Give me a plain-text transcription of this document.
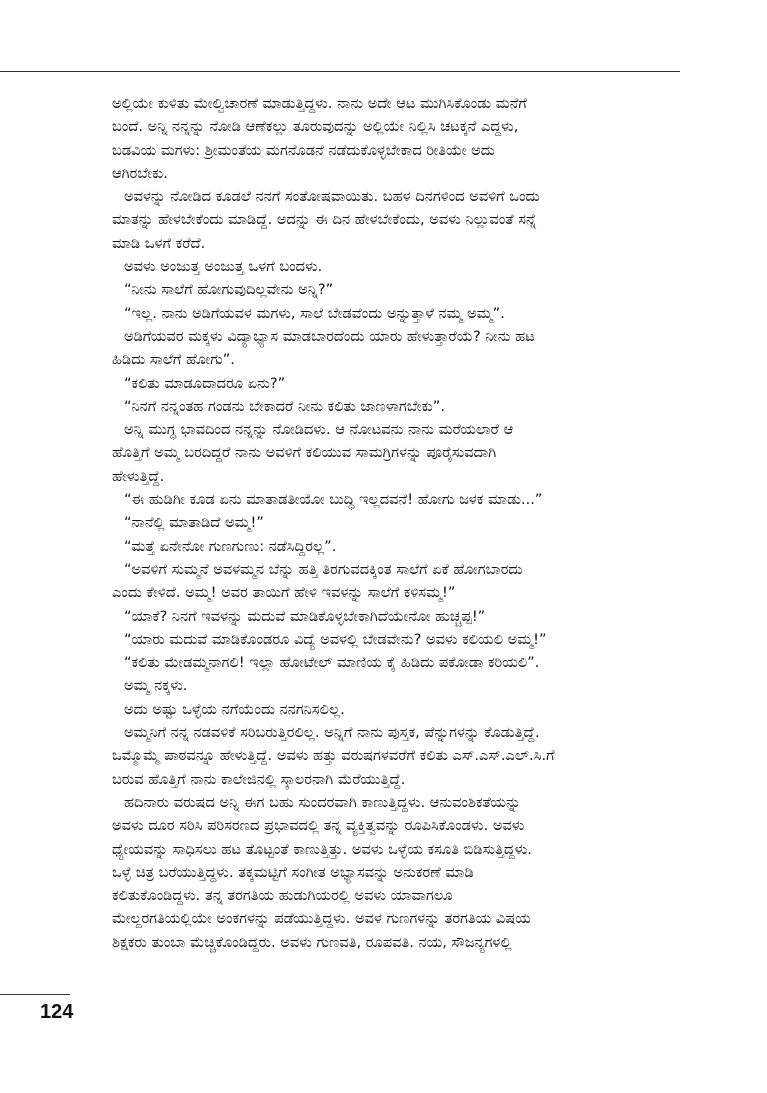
ಅಲ್ಲಿಯೇ ಕುಳಿತು ಮೇಲ್ವಿಚಾರಣೆ ಮಾಡುತ್ತಿದ್ದಳು. ನಾನು ಅದೇ ಆಟ ಮುಗಿಸಿಕೊಂಡು ಮನೆಗೆ
ಬಂದೆ. ಅನ್ನಿ ನನ್ನನ್ನು ನೋಡಿ ಆಣೆಕಲ್ಲು ತೂರುವುದನ್ನು ಅಲ್ಲಿಯೇ ನಿಲ್ಲಿಸಿ ಚಟಕ್ಕನೆ ಎದ್ದಳು,
ಬಡವಿಯ ಮಗಳು: ಶ್ರೀಮಂತೆಯ ಮಗನೊಡನೆ ನಡೆದುಕೊಳ್ಳಬೇಕಾದ ರೀತಿಯೇ ಅದು
ಆಗಿರಬೇಕು.
ಅವಳನ್ನು ನೋಡಿದ ಕೂಡಲೆ ನನಗೆ ಸಂತೋಷವಾಯಿತು. ಬಹಳ ದಿನಗಳಿಂದ ಅವಳಿಗೆ ಒಂದು
ಮಾತನ್ನು ಹೇಳಬೇಕೆಂದು ಮಾಡಿದ್ದೆ. ಅದನ್ನು ಈ ದಿನ ಹೇಳಬೇಕೆಂದು, ಅವಳು ನಿಲ್ಲುವಂತೆ ಸನ್ನೆ
ಮಾಡಿ ಒಳಗೆ ಕರೆದೆ.
ಅವಳು ಅಂಜುತ್ತ ಅಂಜುತ್ತ ಒಳಗೆ ಬಂದಳು.
“ನೀನು ಸಾಲೆಗೆ ಹೋಗುವುದಿಲ್ಲವೇನು ಅನ್ನಿ?”
“ಇಲ್ಲ. ನಾನು ಅಡಿಗೆಯವಳ ಮಗಳು, ಸಾಲೆ ಬೇಡವೆಂದು ಅನ್ನುತ್ತಾಳೆ ನಮ್ಮ ಅಮ್ಮ”.
ಅಡಿಗೆಯವರ ಮಕ್ಕಳು ವಿದ್ಯಾಭ್ಯಾಸ ಮಾಡಬಾರದೆಂದು ಯಾರು ಹೇಳುತ್ತಾರೆಯೆ? ನೀನು ಹಟ
ಹಿಡಿದು ಸಾಲೆಗೆ ಹೋಗು”.
“ಕಲಿತು ಮಾಡೂದಾದರೂ ಏನು?”
“ನಿನಗೆ ನನ್ನಂತಹ ಗಂಡನು ಬೇಕಾದರೆ ನೀನು ಕಲಿತು ಜಾಣಳಾಗಬೇಕು”.
ಅನ್ನಿ ಮುಗ್ಧ ಭಾವದಿಂದ ನನ್ನನ್ನು ನೋಡಿದಳು. ಆ ನೋಟವನು ನಾನು ಮರೆಯಲಾರೆ ಆ
ಹೊತ್ತಿಗೆ ಅಮ್ಮ ಬರದಿದ್ದರೆ ನಾನು ಅವಳಿಗೆ ಕಲಿಯುವ ಸಾಮಗ್ರಿಗಳನ್ನು ಪೂರೈಸುವದಾಗಿ
ಹೇಳುತ್ತಿದ್ದೆ.
“ಈ ಹುಡಿಗೀ ಕೂಡ ಏನು ಮಾತಾಡತೀಯೋ ಬುದ್ಧಿ ಇಲ್ಲದವನೆ! ಹೋಗು ಜಳಕ ಮಾಡು...”
“ನಾನೆಲ್ಲಿ ಮಾತಾಡಿದೆ ಅಮ್ಮ!”
“ಮತ್ತೆ ಏನೇನೋ ಗುಣಗುಣು: ನಡೆಸಿದ್ದಿರಲ್ಲ”.
“ಅವಳಿಗೆ ಸುಮ್ಮನೆ ಅವಳಮ್ಮನ ಬೆನ್ನು ಹತ್ತಿ ತಿರಗುವದಕ್ಕಿಂತ ಸಾಲೆಗೆ ಏಕೆ ಹೋಗಬಾರದು
ಎಂದು ಕೇಳಿದೆ. ಅಮ್ಮ! ಅವರ ತಾಯಿಗೆ ಹೇಳಿ ಇವಳನ್ನು ಸಾಲೆಗೆ ಕಳಿಸಮ್ಮ!”
“ಯಾಕೆ? ನಿನಗೆ ಇವಳನ್ನು ಮದುವೆ ಮಾಡಿಕೊಳ್ಳಬೇಕಾಗಿದೆಯೇನೋ ಹುಚ್ಚಪ್ಪ!”
“ಯಾರು ಮದುವೆ ಮಾಡಿಕೊಂಡರೂ ವಿದ್ಯೆ ಅವಳಲ್ಲಿ ಬೇಡವೇನು? ಅವಳು ಕಲಿಯಲಿ ಅಮ್ಮ!”
“ಕಲಿತು ಮೇಡಮ್ಮನಾಗಲಿ! ಇಲ್ಲಾ ಹೋಟೇಲ್ ಮಾಣಿಯ ಕೈ ಹಿಡಿದು ಪಕೋಡಾ ಕರಿಯಲಿ”.
ಅಮ್ಮ ನಕ್ಕಳು.
ಅದು ಅಷ್ಟು ಒಳ್ಳೆಯ ನಗೆಯೆಂದು ನನಗನಿಸಲಿಲ್ಲ.
ಅಮ್ಮನಿಗೆ ನನ್ನ ನಡವಳಿಕೆ ಸರಿಬರುತ್ತಿರಲಿಲ್ಲ. ಅನ್ನಿಗೆ ನಾನು ಪುಸ್ತಕ, ಪೆನ್ನುಗಳನ್ನು ಕೊಡುತ್ತಿದ್ದೆ.
ಒಮ್ಮೊಮ್ಮೆ ಪಾಠವನ್ನೂ ಹೇಳುತ್ತಿದ್ದೆ. ಅವಳು ಹತ್ತು ವರುಷಗಳವರೆಗೆ ಕಲಿತು ಎಸ್.ಎಸ್.ಎಲ್.ಸಿ.ಗೆ
ಬರುವ ಹೊತ್ತಿಗೆ ನಾನು ಕಾಲೇಜಿನಲ್ಲಿ ಸ್ಕಾಲರನಾಗಿ ಮೆರೆಯುತ್ತಿದ್ದೆ.
ಹದಿನಾರು ವರುಷದ ಅನ್ನಿ ಈಗ ಬಹು ಸುಂದರವಾಗಿ ಕಾಣುತ್ತಿದ್ದಳು. ಆನುವಂಶಿಕತೆಯನ್ನು
ಅವಳು ದೂರ ಸರಿಸಿ ಪರಿಸರಣದ ಪ್ರಭಾವದಲ್ಲಿ ತನ್ನ ವ್ಯಕ್ತಿತ್ವವನ್ನು ರೂಪಿಸಿಕೊಂಡಳು. ಅವಳು
ಧ್ಯೇಯವನ್ನು ಸಾಧಿಸಲು ಹಟ ತೊಟ್ಟಂತೆ ಕಾಣುತ್ತಿತ್ತು. ಅವಳು ಒಳ್ಳೆಯ ಕಸೂತಿ ಬಿಡಿಸುತ್ತಿದ್ದಳು.
ಒಳ್ಳೆ ಚಿತ್ರ ಬರೆಯುತ್ತಿದ್ದಳು. ತಕ್ಕಮಟ್ಟಿಗೆ ಸಂಗೀತ ಅಭ್ಯಾಸವನ್ನು ಅನುಕರಣೆ ಮಾಡಿ
ಕಲಿತುಕೊಂಡಿದ್ದಳು. ತನ್ನ ತರಗತಿಯ ಹುಡುಗಿಯರಲ್ಲಿ ಅವಳು ಯಾವಾಗಲೂ
ಮೇಲ್ದರಗತಿಯಲ್ಲಿಯೇ ಅಂಕಗಳನ್ನು ಪಡೆಯುತ್ತಿದ್ದಳು. ಅವಳ ಗುಣಗಳನ್ನು ತರಗತಿಯ ವಿಷಯ
ಶಿಕ್ಷಕರು ತುಂಬಾ ಮೆಚ್ಚಿಕೊಂಡಿದ್ದರು. ಅವಳು ಗುಣವತಿ, ರೂಪವತಿ. ನಯ, ಸೌಜನ್ಯಗಳಲ್ಲಿ
124
